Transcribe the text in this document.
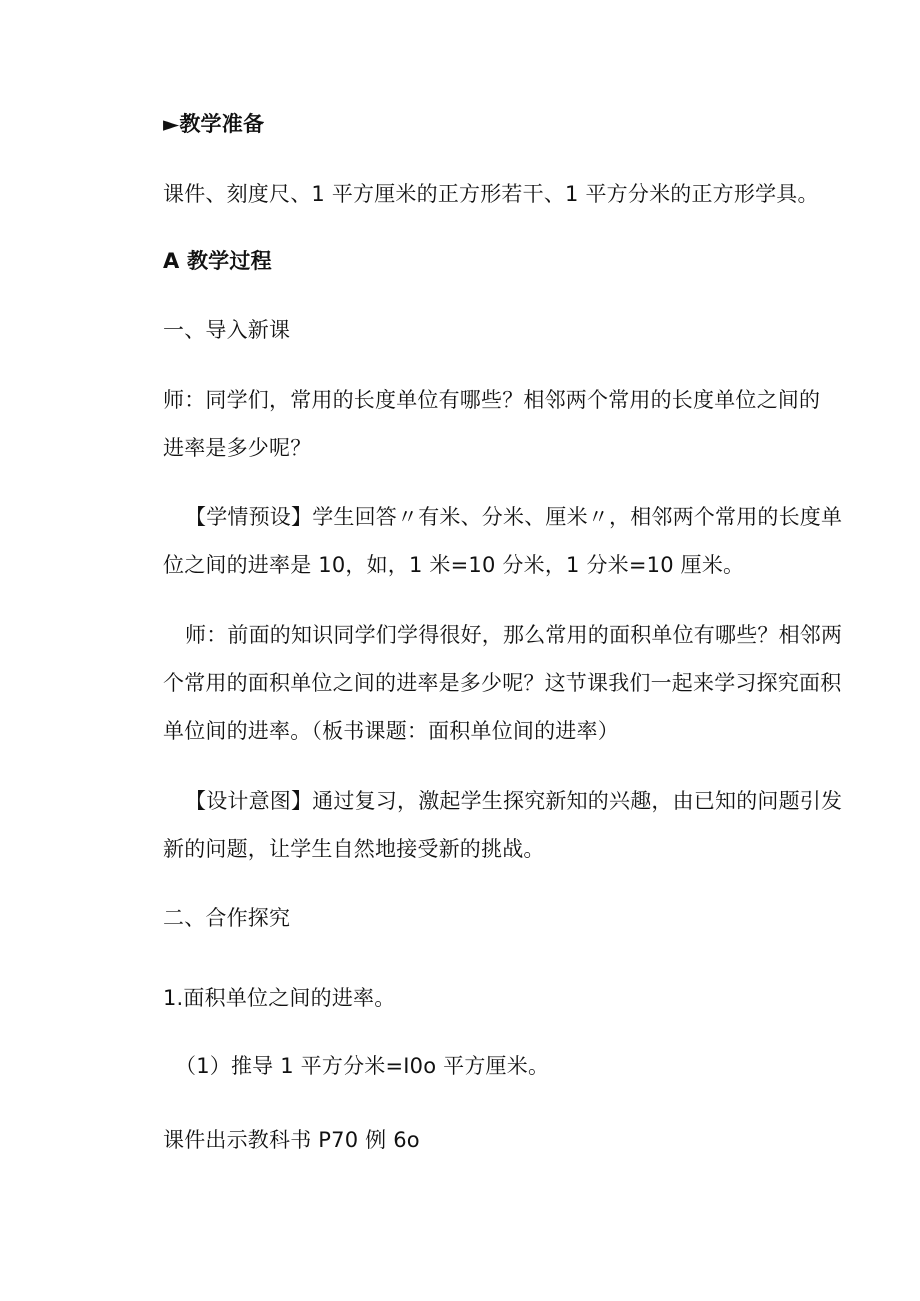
►教学准备
课件、刻度尺、1 平方厘米的正方形若干、1 平方分米的正方形学具。
A 教学过程
一、导入新课
师：同学们，常用的长度单位有哪些？相邻两个常用的长度单位之间的
进率是多少呢？
【学情预设】学生回答〃有米、分米、厘米〃，相邻两个常用的长度单
位之间的进率是 10，如，1 米=10 分米，1 分米=10 厘米。
师：前面的知识同学们学得很好，那么常用的面积单位有哪些？相邻两
个常用的面积单位之间的进率是多少呢？这节课我们一起来学习探究面积
单位间的进率。（板书课题：面积单位间的进率）
【设计意图】通过复习，激起学生探究新知的兴趣，由已知的问题引发
新的问题，让学生自然地接受新的挑战。
二、合作探究
1.面积单位之间的进率。
（1）推导 1 平方分米=I0o 平方厘米。
课件出示教科书 P70 例 6o
